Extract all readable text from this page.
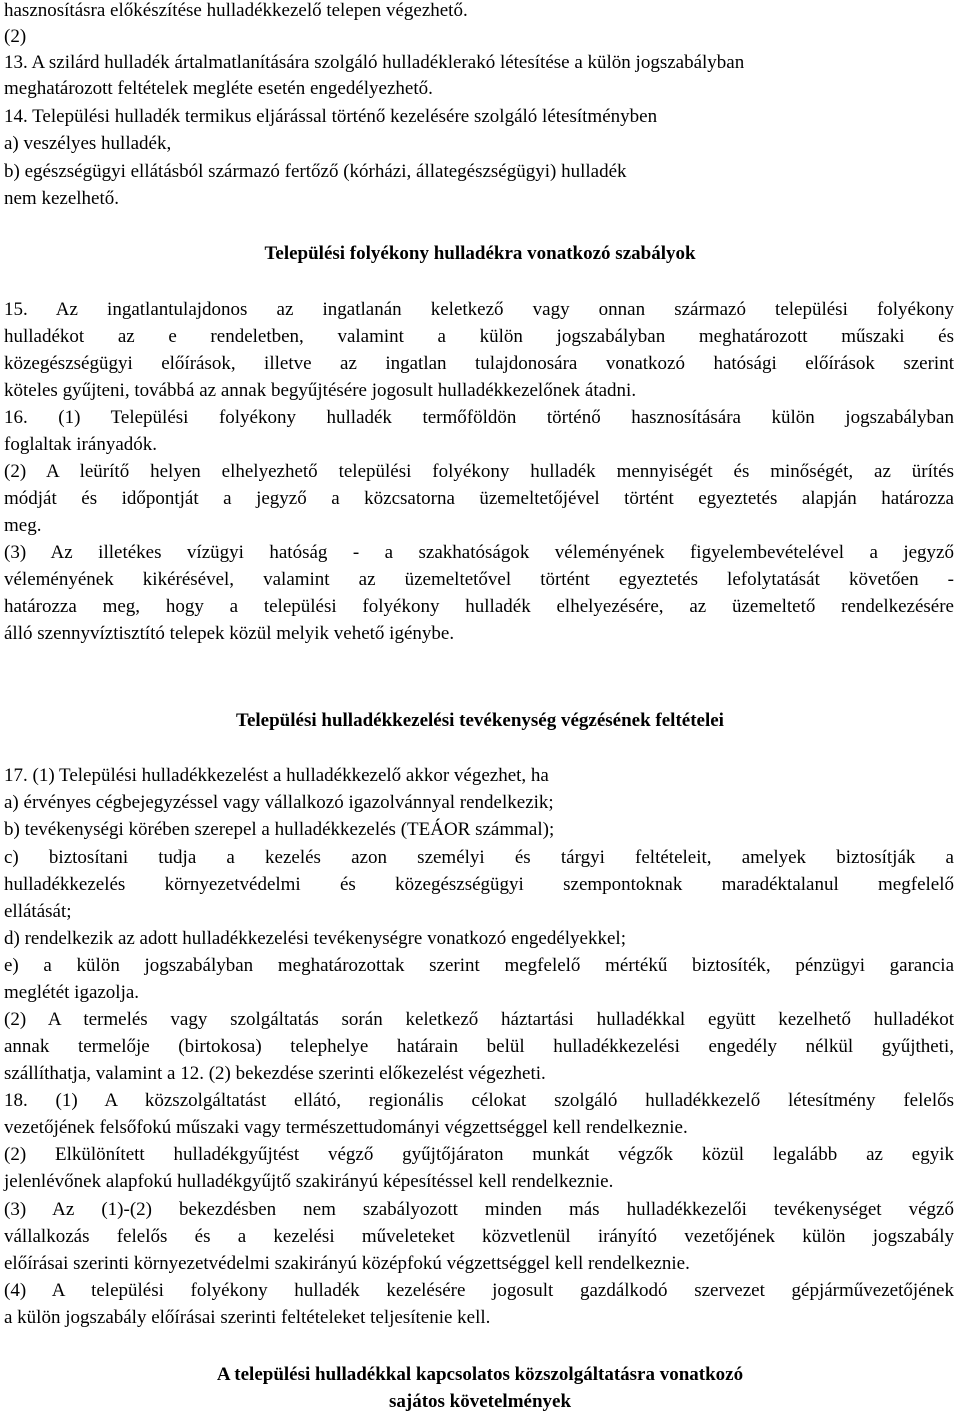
hasznosításra előkészítése hulladékkezelő telepen végezhető.

(2)

13. A szilárd hulladék ártalmatlanítására szolgáló hulladéklerakó létesítése a külön jogszabályban

meghatározott feltételek megléte esetén engedélyezhető.

14. Települési hulladék termikus eljárással történő kezelésére szolgáló létesítményben

a) veszélyes hulladék,

b) egészségügyi ellátásból származó fertőző (kórházi, állategészségügyi) hulladék

nem kezelhető.

Települési folyékony hulladékra vonatkozó szabályok

15. Az ingatlantulajdonos az ingatlanán keletkező vagy onnan származó települési folyékony

hulladékot az e rendeletben, valamint a külön jogszabályban meghatározott műszaki és

közegészségügyi előírások, illetve az ingatlan tulajdonosára vonatkozó hatósági előírások szerint

köteles gyűjteni, továbbá az annak begyűjtésére jogosult hulladékkezelőnek átadni.

16. (1) Települési folyékony hulladék termőföldön történő hasznosítására külön jogszabályban

foglaltak irányadók.

(2) A leürítő helyen elhelyezhető települési folyékony hulladék mennyiségét és minőségét, az ürítés

módját és időpontját a jegyző a közcsatorna üzemeltetőjével történt egyeztetés alapján határozza

meg.

(3) Az illetékes vízügyi hatóság - a szakhatóságok véleményének figyelembevételével a jegyző

véleményének kikérésével, valamint az üzemeltetővel történt egyeztetés lefolytatását követően -

határozza meg, hogy a települési folyékony hulladék elhelyezésére, az üzemeltető rendelkezésére

álló szennyvíztisztító telepek közül melyik vehető igénybe.

Települési hulladékkezelési tevékenység végzésének feltételei

17. (1) Települési hulladékkezelést a hulladékkezelő akkor végezhet, ha

a) érvényes cégbejegyzéssel vagy vállalkozó igazolvánnyal rendelkezik;

b) tevékenységi körében szerepel a hulladékkezelés (TEÁOR számmal);

c) biztosítani tudja a kezelés azon személyi és tárgyi feltételeit, amelyek biztosítják a

hulladékkezelés környezetvédelmi és közegészségügyi szempontoknak maradéktalanul megfelelő

ellátását;

d) rendelkezik az adott hulladékkezelési tevékenységre vonatkozó engedélyekkel;

e) a külön jogszabályban meghatározottak szerint megfelelő mértékű biztosíték, pénzügyi garancia

meglétét igazolja.

(2) A termelés vagy szolgáltatás során keletkező háztartási hulladékkal együtt kezelhető hulladékot

annak termelője (birtokosa) telephelye határain belül hulladékkezelési engedély nélkül gyűjtheti,

szállíthatja, valamint a 12. (2) bekezdése szerinti előkezelést végezheti.

18. (1) A közszolgáltatást ellátó, regionális célokat szolgáló hulladékkezelő létesítmény felelős

vezetőjének felsőfokú műszaki vagy természettudományi végzettséggel kell rendelkeznie.

(2) Elkülönített hulladékgyűjtést végző gyűjtőjáraton munkát végzők közül legalább az egyik

jelenlévőnek alapfokú hulladékgyűjtő szakirányú képesítéssel kell rendelkeznie.

(3) Az (1)-(2) bekezdésben nem szabályozott minden más hulladékkezelői tevékenységet végző

vállalkozás felelős és a kezelési műveleteket közvetlenül irányító vezetőjének külön jogszabály

előírásai szerinti környezetvédelmi szakirányú középfokú végzettséggel kell rendelkeznie.

(4) A települési folyékony hulladék kezelésére jogosult gazdálkodó szervezet gépjárművezetőjének

a külön jogszabály előírásai szerinti feltételeket teljesítenie kell.

A települési hulladékkal kapcsolatos közszolgáltatásra vonatkozó

sajátos követelmények
